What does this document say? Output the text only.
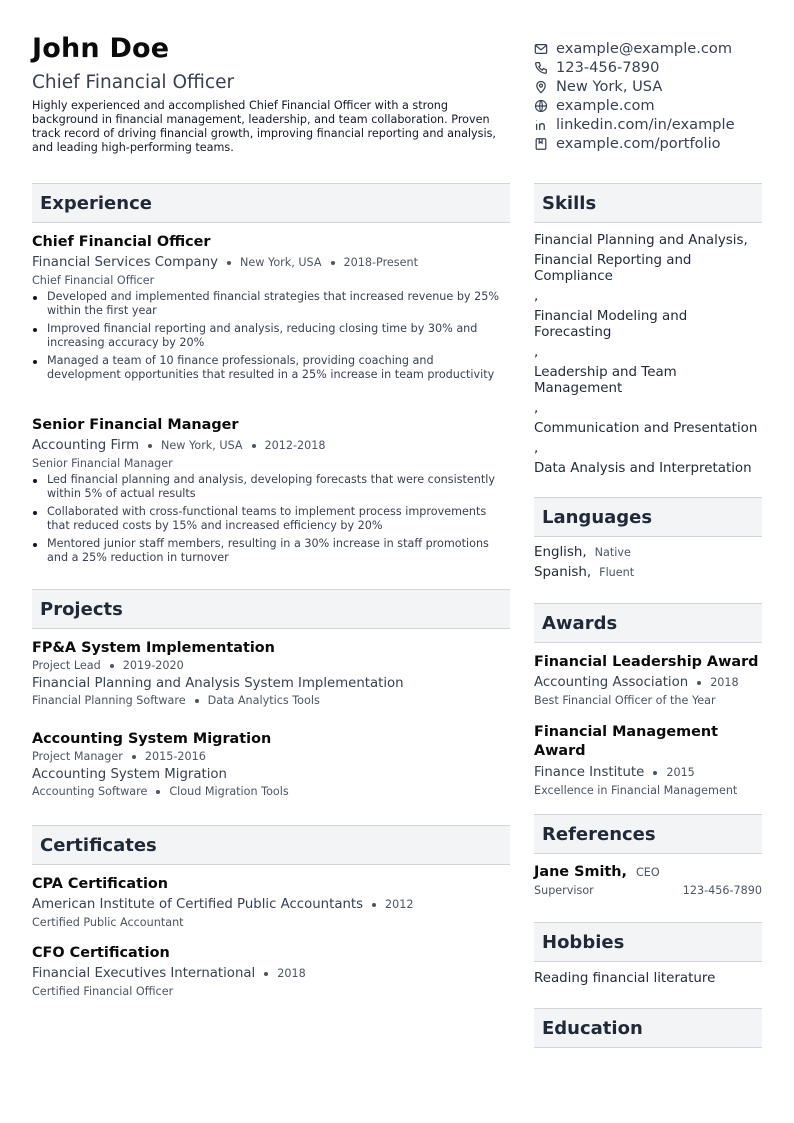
John Doe
Chief Financial Officer
Highly experienced and accomplished Chief Financial Officer with a strong background in financial management, leadership, and team collaboration. Proven track record of driving financial growth, improving financial reporting and analysis, and leading high-performing teams.
example@example.com
123-456-7890
New York, USA
example.com
linkedin.com/in/example
example.com/portfolio
Experience
Chief Financial Officer
Financial Services Company New York, USA 2018-Present
Chief Financial Officer
Developed and implemented financial strategies that increased revenue by 25% within the first year
Improved financial reporting and analysis, reducing closing time by 30% and increasing accuracy by 20%
Managed a team of 10 finance professionals, providing coaching and development opportunities that resulted in a 25% increase in team productivity
Senior Financial Manager
Accounting Firm New York, USA 2012-2018
Senior Financial Manager
Led financial planning and analysis, developing forecasts that were consistently within 5% of actual results
Collaborated with cross-functional teams to implement process improvements that reduced costs by 15% and increased efficiency by 20%
Mentored junior staff members, resulting in a 30% increase in staff promotions and a 25% reduction in turnover
Projects
FP&A System Implementation
Project Lead 2019-2020
Financial Planning and Analysis System Implementation
Financial Planning Software Data Analytics Tools
Accounting System Migration
Project Manager 2015-2016
Accounting System Migration
Accounting Software Cloud Migration Tools
Certificates
CPA Certification
American Institute of Certified Public Accountants 2012
Certified Public Accountant
CFO Certification
Financial Executives International 2018
Certified Financial Officer
Skills
Financial Planning and Analysis,
Financial Reporting and Compliance
,
Financial Modeling and Forecasting
,
Leadership and Team Management
,
Communication and Presentation
,
Data Analysis and Interpretation
Languages
English, Native
Spanish, Fluent
Awards
Financial Leadership Award
Accounting Association 2018
Best Financial Officer of the Year
Financial Management Award
Finance Institute 2015
Excellence in Financial Management
References
Jane Smith, CEO
Supervisor	123-456-7890
Hobbies
Reading financial literature
Education
